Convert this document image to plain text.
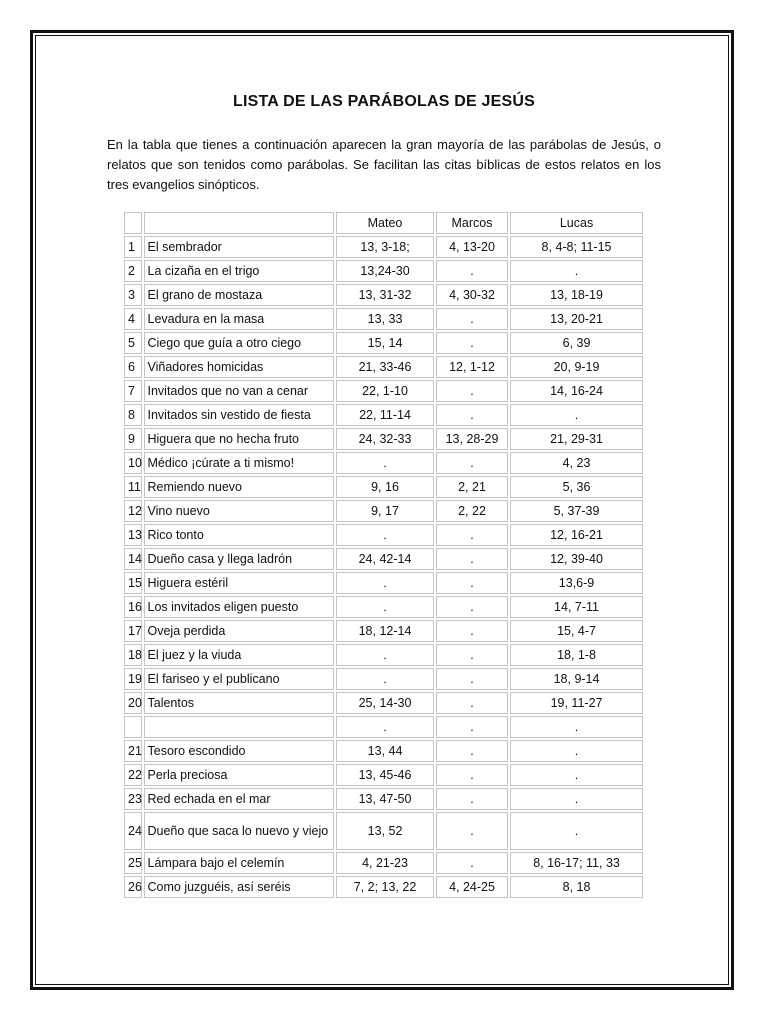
LISTA DE LAS PARÁBOLAS DE JESÚS
En la tabla que tienes a continuación aparecen la gran mayoría de las parábolas de Jesús, o relatos que son tenidos como parábolas. Se facilitan las citas bíblicas de estos relatos en los tres evangelios sinópticos.
		Mateo	Marcos	Lucas
1	El sembrador	13, 3-18;	4, 13-20	8, 4-8; 11-15
2	La cizaña en el trigo	13,24-30	.	.
3	El grano de mostaza	13, 31-32	4, 30-32	13, 18-19
4	Levadura en la masa	13, 33	.	13, 20-21
5	Ciego que guía a otro ciego	15, 14	.	6, 39
6	Viñadores homicidas	21, 33-46	12, 1-12	20, 9-19
7	Invitados que no van a cenar	22, 1-10	.	14, 16-24
8	Invitados sin vestido de fiesta	22, 11-14	.	.
9	Higuera que no hecha fruto	24, 32-33	13, 28-29	21, 29-31
10	Médico ¡cúrate a ti mismo!	.	.	4, 23
11	Remiendo nuevo	9, 16	2, 21	5, 36
12	Vino nuevo	9, 17	2, 22	5, 37-39
13	Rico tonto	.	.	12, 16-21
14	Dueño casa y llega ladrón	24, 42-14	.	12, 39-40
15	Higuera estéril	.	.	13,6-9
16	Los invitados eligen puesto	.	.	14, 7-11
17	Oveja perdida	18, 12-14	.	15, 4-7
18	El juez y la viuda	.	.	18, 1-8
19	El fariseo y el publicano	.	.	18, 9-14
20	Talentos	25, 14-30	.	19, 11-27
		.	.	.
21	Tesoro escondido	13, 44	.	.
22	Perla preciosa	13, 45-46	.	.
23	Red echada en el mar	13, 47-50	.	.
24	Dueño que saca lo nuevo y viejo	13, 52	.	.
25	Lámpara bajo el celemín	4, 21-23	.	8, 16-17; 11, 33
26	Como juzguéis, así seréis	7, 2; 13, 22	4, 24-25	8, 18
